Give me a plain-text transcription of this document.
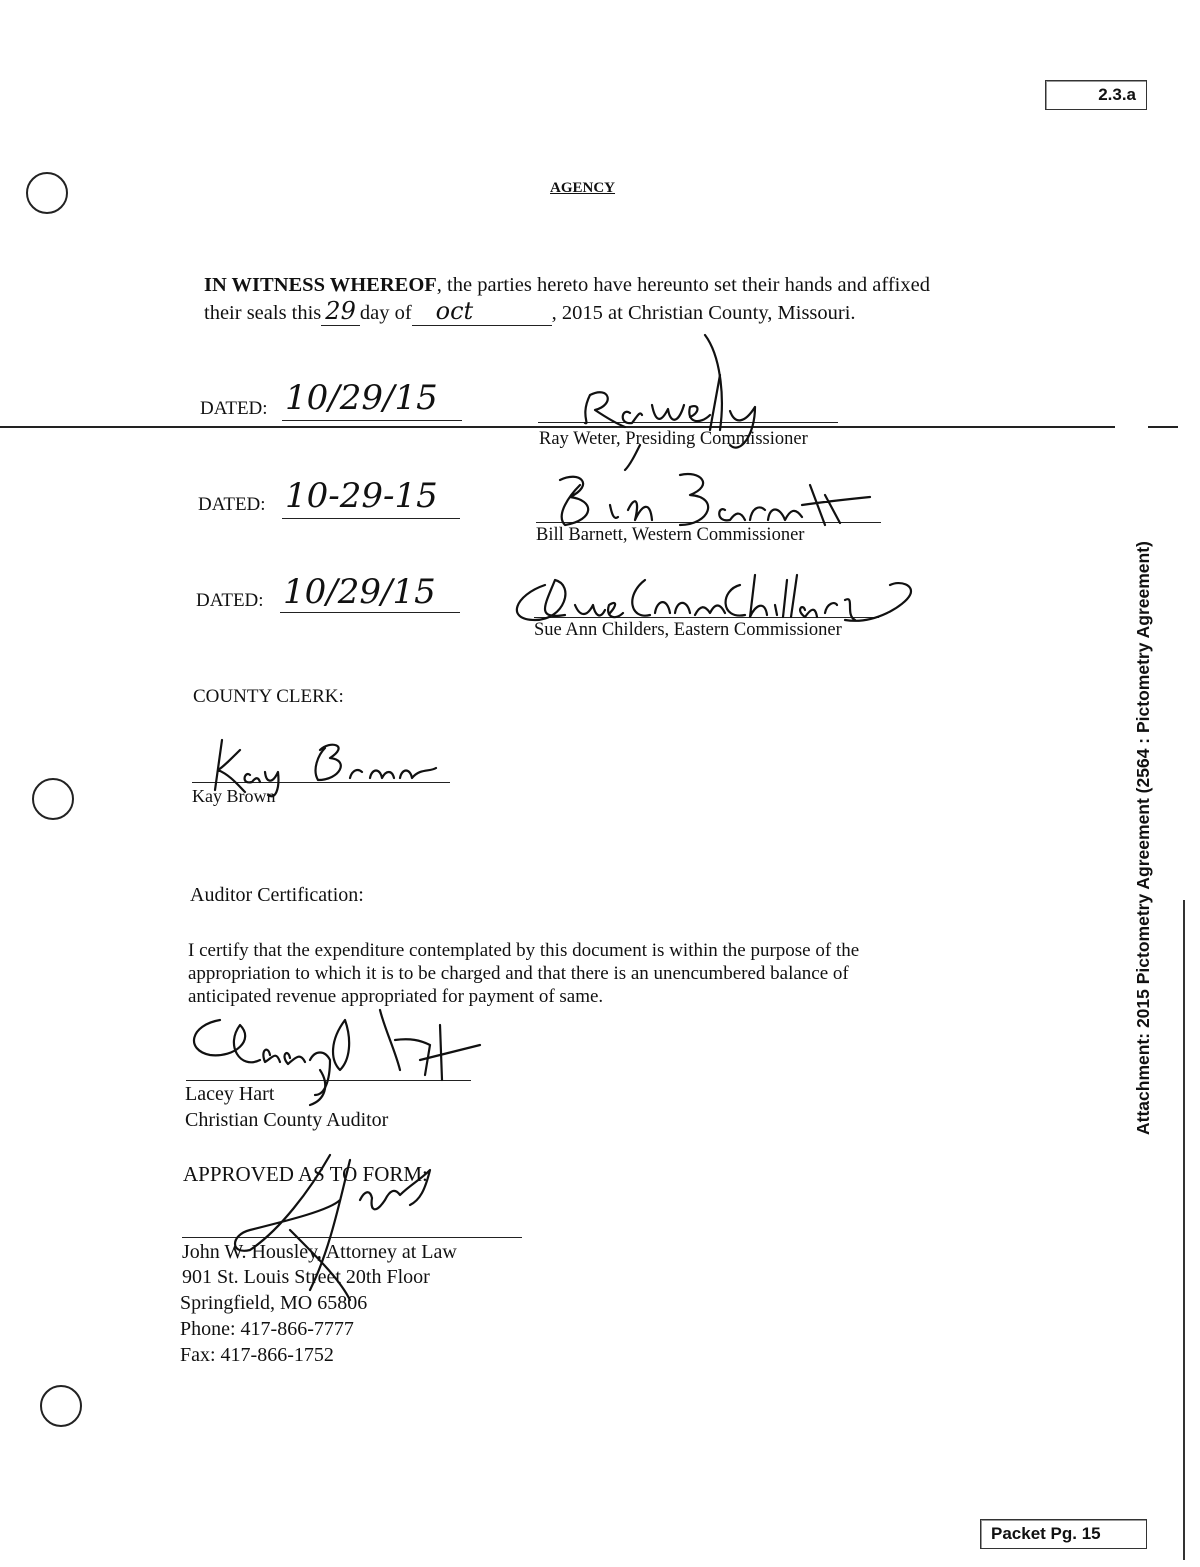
2.3.a
Packet Pg. 15
Attachment: 2015 Pictometry Agreement (2564 : Pictometry Agreement)
AGENCY
IN WITNESS WHEREOF, the parties hereto have hereunto set their hands and affixed
their seals this 29 day of oct	, 2015 at Christian County, Missouri.
DATED: 10/29/15
Ray Weter, Presiding Commissioner
DATED: 10-29-15
Bill Barnett, Western Commissioner
DATED: 10/29/15
Sue Ann Childers, Eastern Commissioner
COUNTY CLERK:
Kay Brown
Auditor Certification:
I certify that the expenditure contemplated by this document is within the purpose of the
appropriation to which it is to be charged and that there is an unencumbered balance of
anticipated revenue appropriated for payment of same.
Lacey Hart
Christian County Auditor
APPROVED AS TO FORM:
John W. Housley, Attorney at Law
901 St. Louis Street 20th Floor
Springfield, MO 65806
Phone: 417-866-7777
Fax: 417-866-1752
